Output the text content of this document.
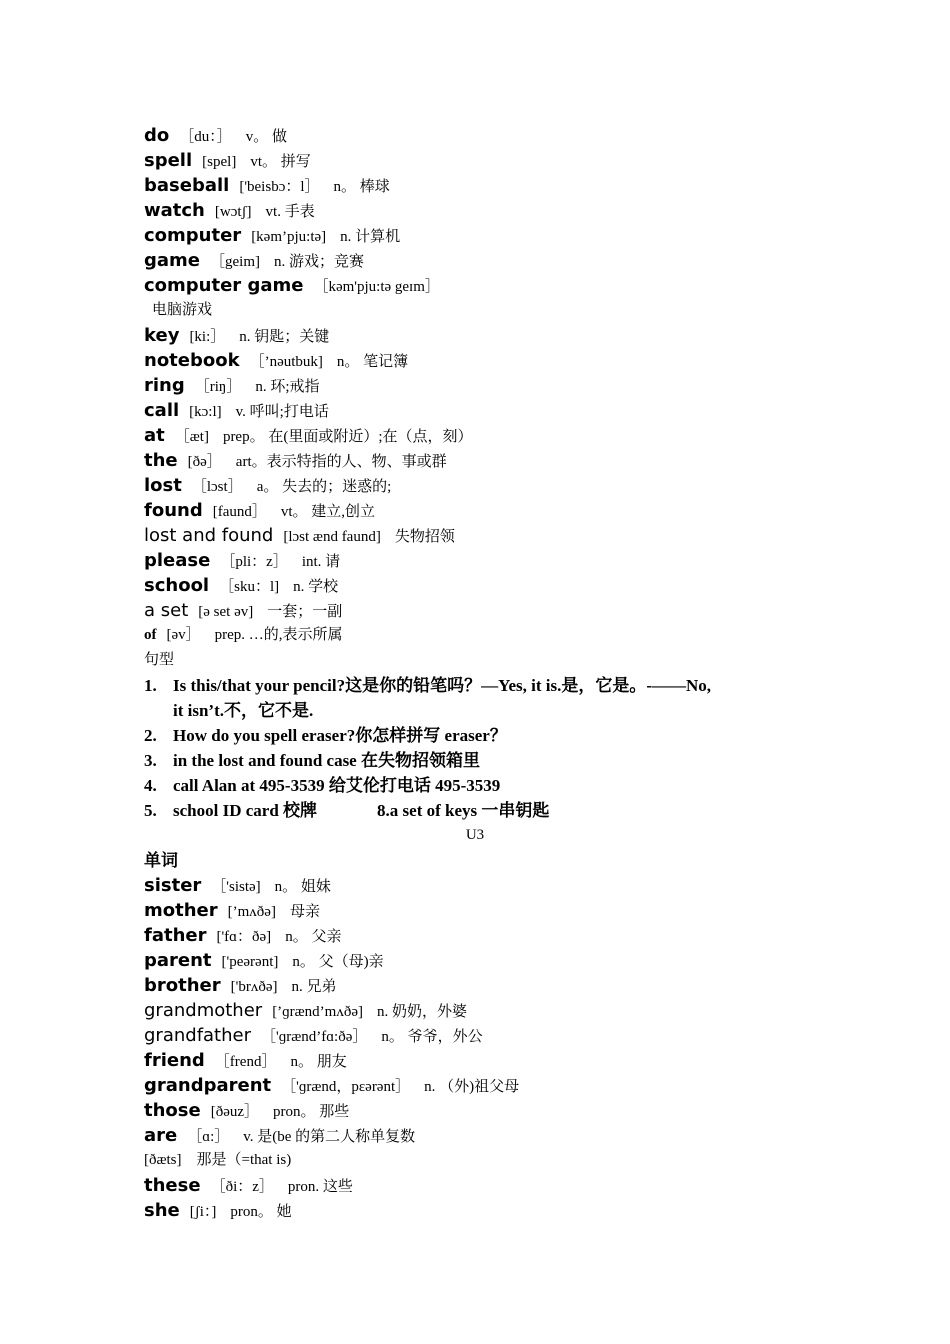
do ［du：］ v。 做
spell [spel] vt。 拼写
baseball ['beisbɔ：l］ n。 棒球
watch [wɔtʃ] vt. 手表
computer [kəm’pju:tə] n. 计算机
game ［geim] n. 游戏；竞赛
computer game ［kəm'pju:tə geɪm］
电脑游戏
key [ki:］ n. 钥匙；关键
notebook ［’nəutbuk] n。 笔记簿
ring ［riŋ］ n. 环;戒指
call [kɔ:l] v. 呼叫;打电话
at ［æt] prep。 在(里面或附近）;在（点，刻）
the [ðə］ art。表示特指的人、物、事或群
lost ［lɔst］ a。 失去的；迷惑的;
found [faund］ vt。 建立,创立
lost and found [lɔst ænd faund] 失物招领
please ［pli：z］ int. 请
school ［sku：l] n. 学校
a set [ə set əv] 一套；一副
of [əv］ prep. …的,表示所属
句型
1. Is this/that your pencil?这是你的铅笔吗？—Yes, it is.是，它是。-——No,
it isn’t.不，它不是.
2. How do you spell eraser?你怎样拼写 eraser？
3. in the lost and found case 在失物招领箱里
4. call Alan at 495-3539 给艾伦打电话 495-3539
5. school ID card 校牌	8.a set of keys 一串钥匙
U3
单词
sister ［'sistə] n。 姐妹
mother [’mʌðə] 母亲
father ['fɑ：ðə] n。 父亲
parent ['peərənt] n。 父（母)亲
brother ['brʌðə] n. 兄弟
grandmother [’ɡrænd’mʌðə] n. 奶奶，外婆
grandfather ［'ɡrænd’fɑ:ðə］ n。 爷爷，外公
friend ［frend］ n。 朋友
grandparent ［'ɡrænd，pɛərənt］ n. （外)祖父母
those [ðəuz］ pron。 那些
are ［ɑ:］ v. 是(be 的第二人称单复数
[ðæts]　那是（=that is)
these ［ði：z］ pron. 这些
she [ʃi：] pron。 她
